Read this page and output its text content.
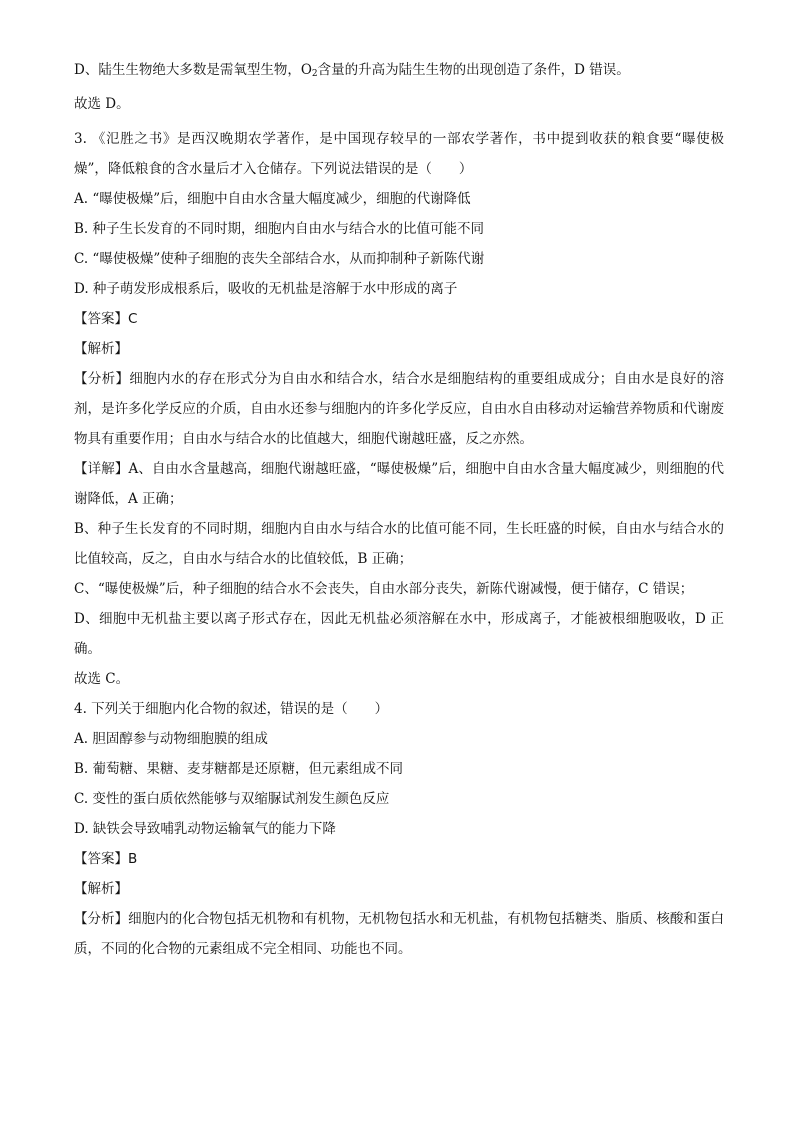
D、陆生生物绝大多数是需氧型生物，$O_2$含量的升高为陆生生物的出现创造了条件，D 错误。

故选 D。

3. 《氾胜之书》是西汉晚期农学著作，是中国现存较早的一部农学著作，书中提到收获的粮食要“曝使极燥”，降低粮食的含水量后才入仓储存。下列说法错误的是（　　）

A. “曝使极燥”后，细胞中自由水含量大幅度减少，细胞的代谢降低

B. 种子生长发育的不同时期，细胞内自由水与结合水的比值可能不同

C. “曝使极燥”使种子细胞的丧失全部结合水，从而抑制种子新陈代谢

D. 种子萌发形成根系后，吸收的无机盐是溶解于水中形成的离子

【答案】C

【解析】

【分析】细胞内水的存在形式分为自由水和结合水，结合水是细胞结构的重要组成成分；自由水是良好的溶剂，是许多化学反应的介质，自由水还参与细胞内的许多化学反应，自由水自由移动对运输营养物质和代谢废物具有重要作用；自由水与结合水的比值越大，细胞代谢越旺盛，反之亦然。

【详解】A、自由水含量越高，细胞代谢越旺盛，“曝使极燥”后，细胞中自由水含量大幅度减少，则细胞的代谢降低，A 正确；

B、种子生长发育的不同时期，细胞内自由水与结合水的比值可能不同，生长旺盛的时候，自由水与结合水的比值较高，反之，自由水与结合水的比值较低，B 正确；

C、“曝使极燥”后，种子细胞的结合水不会丧失，自由水部分丧失，新陈代谢减慢，便于储存，C 错误；

D、细胞中无机盐主要以离子形式存在，因此无机盐必须溶解在水中，形成离子，才能被根细胞吸收，D 正确。

故选 C。

4. 下列关于细胞内化合物的叙述，错误的是（　　）

A. 胆固醇参与动物细胞膜的组成

B. 葡萄糖、果糖、麦芽糖都是还原糖，但元素组成不同

C. 变性的蛋白质依然能够与双缩脲试剂发生颜色反应

D. 缺铁会导致哺乳动物运输氧气的能力下降

【答案】B

【解析】

【分析】细胞内的化合物包括无机物和有机物，无机物包括水和无机盐，有机物包括糖类、脂质、核酸和蛋白质，不同的化合物的元素组成不完全相同、功能也不同。
